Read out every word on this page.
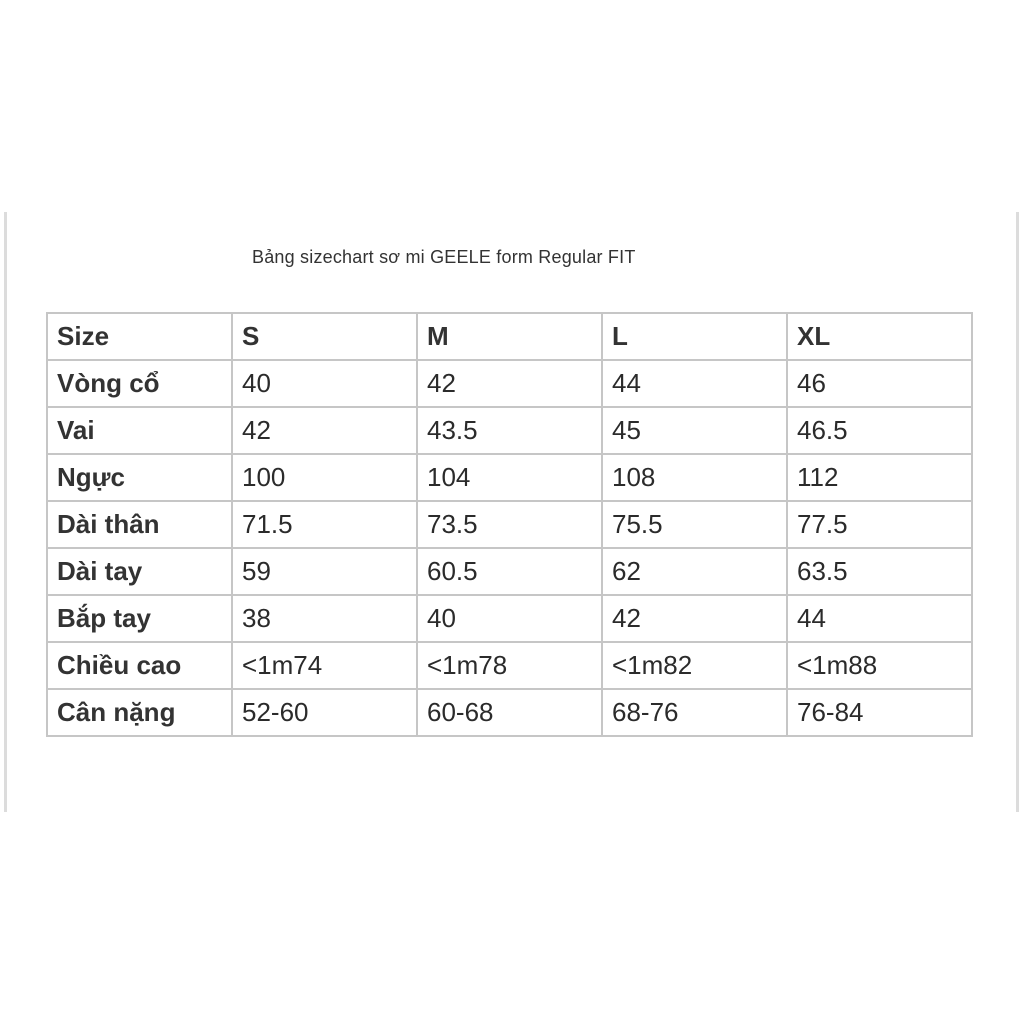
Bảng sizechart sơ mi GEELE form Regular FIT
Size	S	M	L	XL
Vòng cổ	40	42	44	46
Vai	42	43.5	45	46.5
Ngực	100	104	108	112
Dài thân	71.5	73.5	75.5	77.5
Dài tay	59	60.5	62	63.5
Bắp tay	38	40	42	44
Chiều cao	<1m74	<1m78	<1m82	<1m88
Cân nặng	52-60	60-68	68-76	76-84
